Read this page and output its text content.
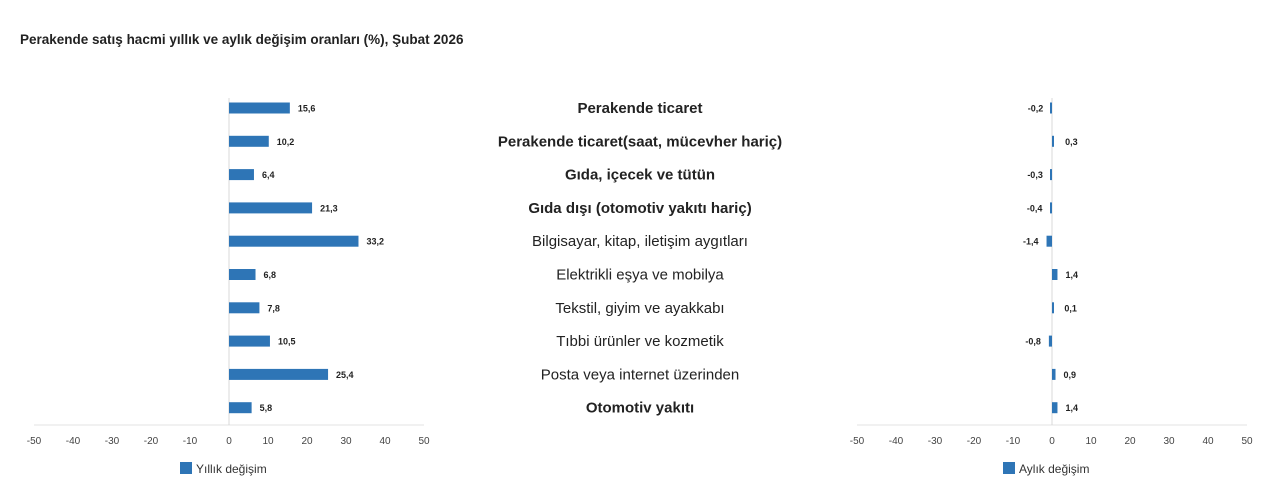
Perakende satış hacmi yıllık ve aylık değişim oranları (%), Şubat 2026
-50 -40 -30 -20 -10	0	10	20	30	40	50
15,6
10,2
6,4
21,3
33,2
6,8
7,8
10,5
25,4
5,8
Yıllık değişim
Perakende ticaret
Perakende ticaret(saat, mücevher hariç)
Gıda, içecek ve tütün
Gıda dışı (otomotiv yakıtı hariç)
Bilgisayar, kitap, iletişim aygıtları
Elektrikli eşya ve mobilya
Tekstil, giyim ve ayakkabı
Tıbbi ürünler ve kozmetik
Posta veya internet üzerinden
Otomotiv yakıtı
-50 -40 -30 -20 -10	0	10	20	30	40	50
-0,2
0,3
-0,3
-0,4
-1,4
1,4
0,1
-0,8
0,9
1,4
Aylık değişim
